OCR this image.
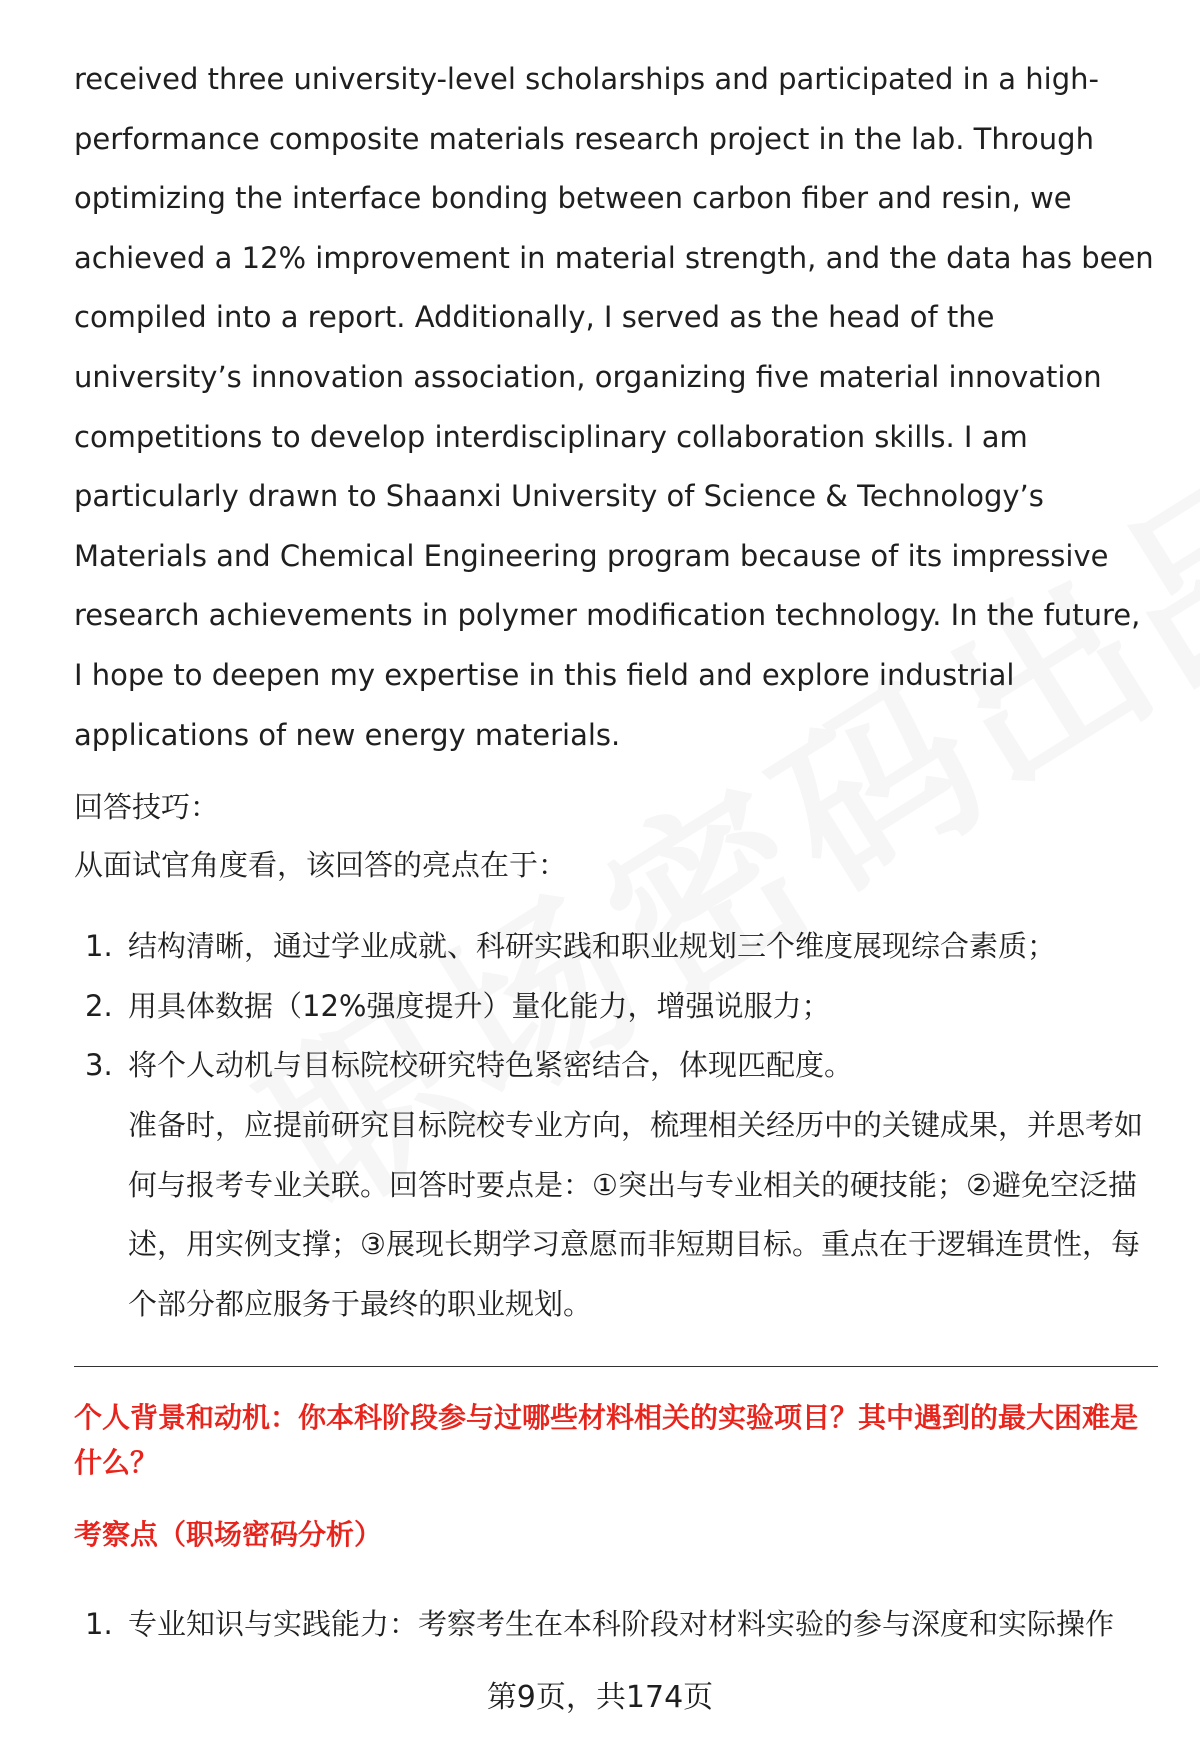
received three university-level scholarships and participated in a high-performance composite materials research project in the lab. Through optimizing the interface bonding between carbon fiber and resin, we achieved a 12% improvement in material strength, and the data has been compiled into a report. Additionally, I served as the head of the university’s innovation association, organizing five material innovation competitions to develop interdisciplinary collaboration skills. I am particularly drawn to Shaanxi University of Science & Technology’s Materials and Chemical Engineering program because of its impressive research achievements in polymer modification technology. In the future, I hope to deepen my expertise in this field and explore industrial applications of new energy materials.

回答技巧：

从面试官角度看，该回答的亮点在于：

1. 结构清晰，通过学业成就、科研实践和职业规划三个维度展现综合素质；
2. 用具体数据（12%强度提升）量化能力，增强说服力；
3. 将个人动机与目标院校研究特色紧密结合，体现匹配度。

准备时，应提前研究目标院校专业方向，梳理相关经历中的关键成果，并思考如何与报考专业关联。回答时要点是：①突出与专业相关的硬技能；②避免空泛描述，用实例支撑；③展现长期学习意愿而非短期目标。重点在于逻辑连贯性，每个部分都应服务于最终的职业规划。

个人背景和动机：你本科阶段参与过哪些材料相关的实验项目？其中遇到的最大困难是什么？

考察点（职场密码分析）

1. 专业知识与实践能力：考察考生在本科阶段对材料实验的参与深度和实际操作
第9页，共174页
